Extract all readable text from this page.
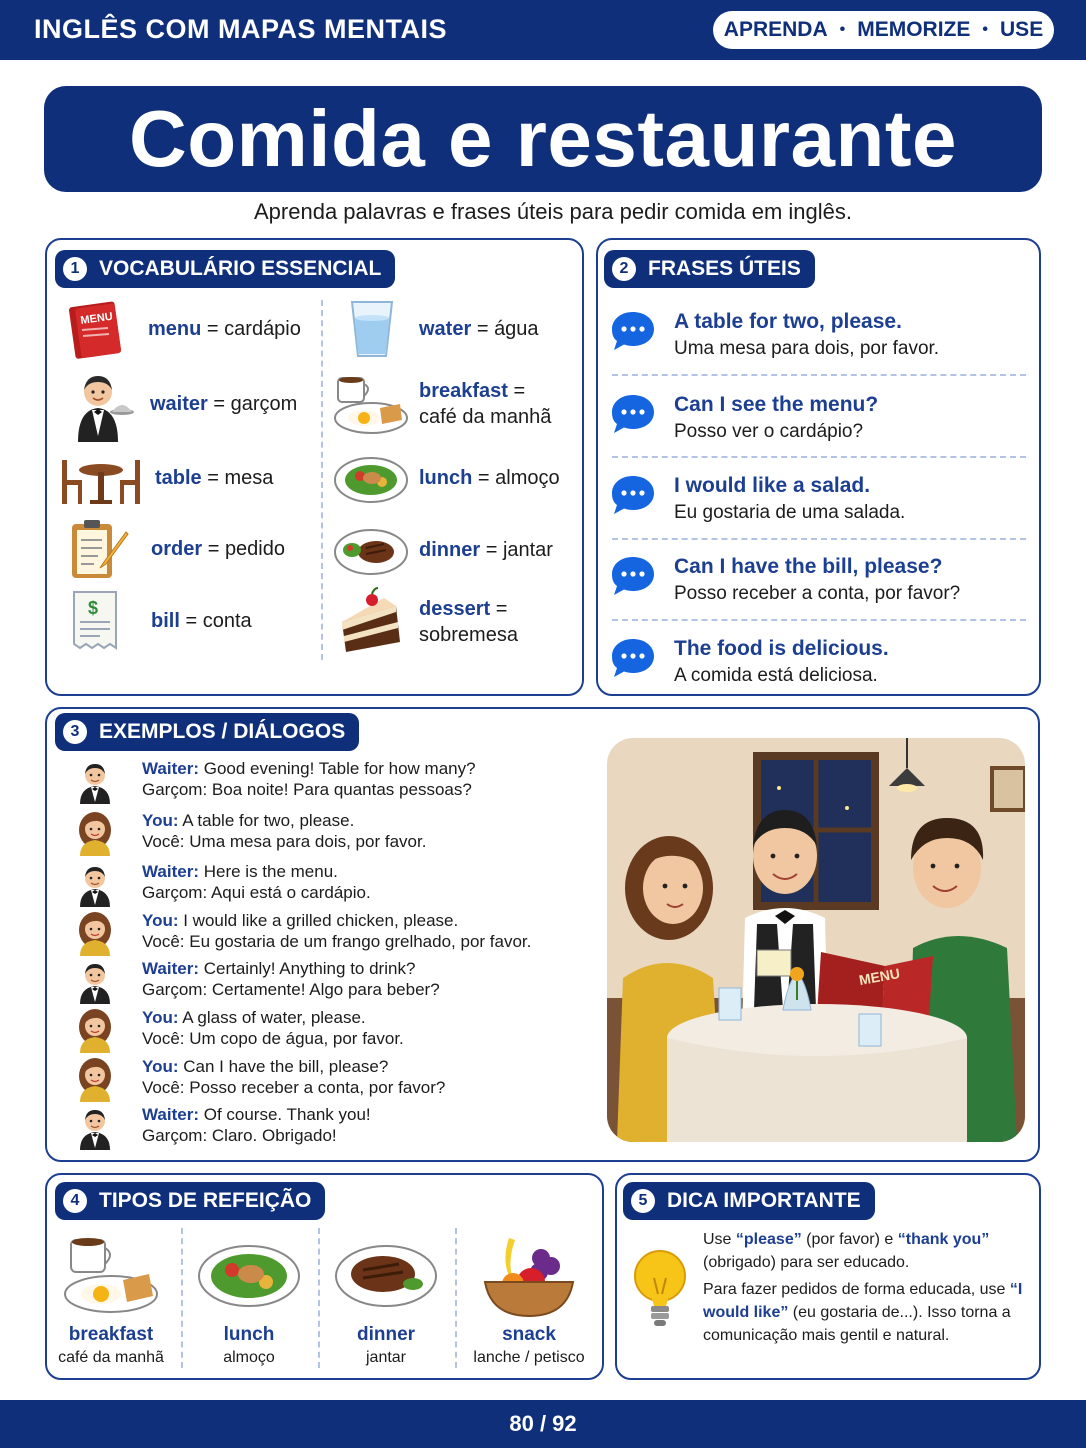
INGLÊS COM MAPAS MENTAIS	APRENDA • MEMORIZE • USE
Comida e restaurante
Aprenda palavras e frases úteis para pedir comida em inglês.
1 VOCABULÁRIO ESSENCIAL
MENU menu = cardápio
waiter = garçom
table = mesa
order = pedido
$
bill = conta
water = água
breakfast =
café da manhã
lunch = almoço
dinner = jantar
dessert =
sobremesa
A table for two, please.
Uma mesa para dois, por favor.
Can I see the menu?
Posso ver o cardápio?
I would like a salad.
Eu gostaria de uma salada.
Can I have the bill, please?
Posso receber a conta, por favor?
The food is delicious.
A comida está deliciosa.
2 FRASES ÚTEIS
3 EXEMPLOS / DIÁLOGOS
Waiter: Good evening! Table for how many?
Garçom: Boa noite! Para quantas pessoas?
You: A table for two, please.
Você: Uma mesa para dois, por favor.
Waiter: Here is the menu.
Garçom: Aqui está o cardápio.
You: I would like a grilled chicken, please.
Você: Eu gostaria de um frango grelhado, por favor.
Waiter: Certainly! Anything to drink?
Garçom: Certamente! Algo para beber?
You: A glass of water, please.
Você: Um copo de água, por favor.
You: Can I have the bill, please?
Você: Posso receber a conta, por favor?
Waiter: Of course. Thank you!
Garçom: Claro. Obrigado!
MENU
4 TIPOS DE REFEIÇÃO
breakfast
café da manhã
lunch
almoço
dinner
jantar
snack
lanche / petisco
5 DICA IMPORTANTE
Use “please” (por favor) e “thank you” (obrigado) para ser educado.
Para fazer pedidos de forma educada, use “I would like” (eu gostaria de...). Isso torna a comunicação mais gentil e natural.
80 / 92
